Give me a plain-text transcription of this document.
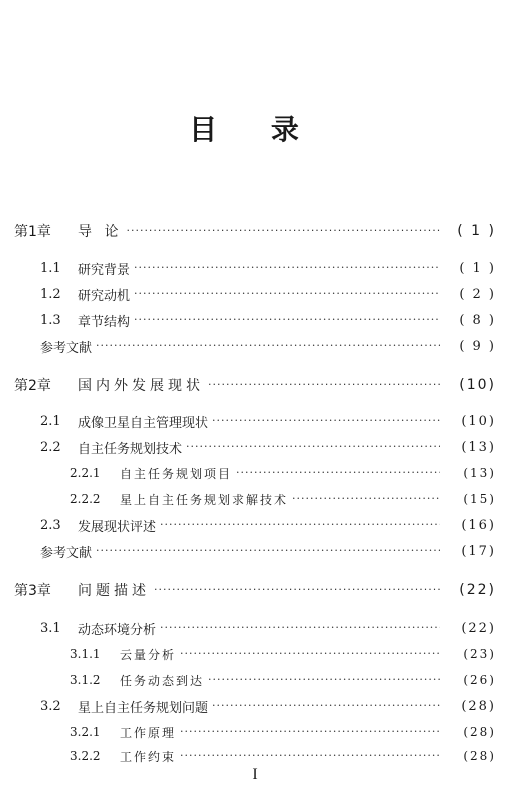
目 录
第1章	导 论 ·····	( 1 )
1.1	研究背景 ·····	( 1 )
1.2	研究动机 ·····	( 2 )
1.3	章节结构 ·····	( 8 )
参考文献 ·····	( 9 )
第2章	国内外发展现状 ·····	(10)
2.1	成像卫星自主管理现状 ·····	(10)
2.2	自主任务规划技术 ·····	(13)
2.2.1	自主任务规划项目 ·····	(13)
2.2.2	星上自主任务规划求解技术 ·····	(15)
2.3	发展现状评述 ·····	(16)
参考文献 ·····	(17)
第3章	问题描述 ·····	(22)
3.1	动态环境分析 ·····	(22)
3.1.1	云量分析 ·····	(23)
3.1.2	任务动态到达 ·····	(26)
3.2	星上自主任务规划问题 ·····	(28)
3.2.1	工作原理 ·····	(28)
3.2.2	工作约束 ·····	(28)
I
